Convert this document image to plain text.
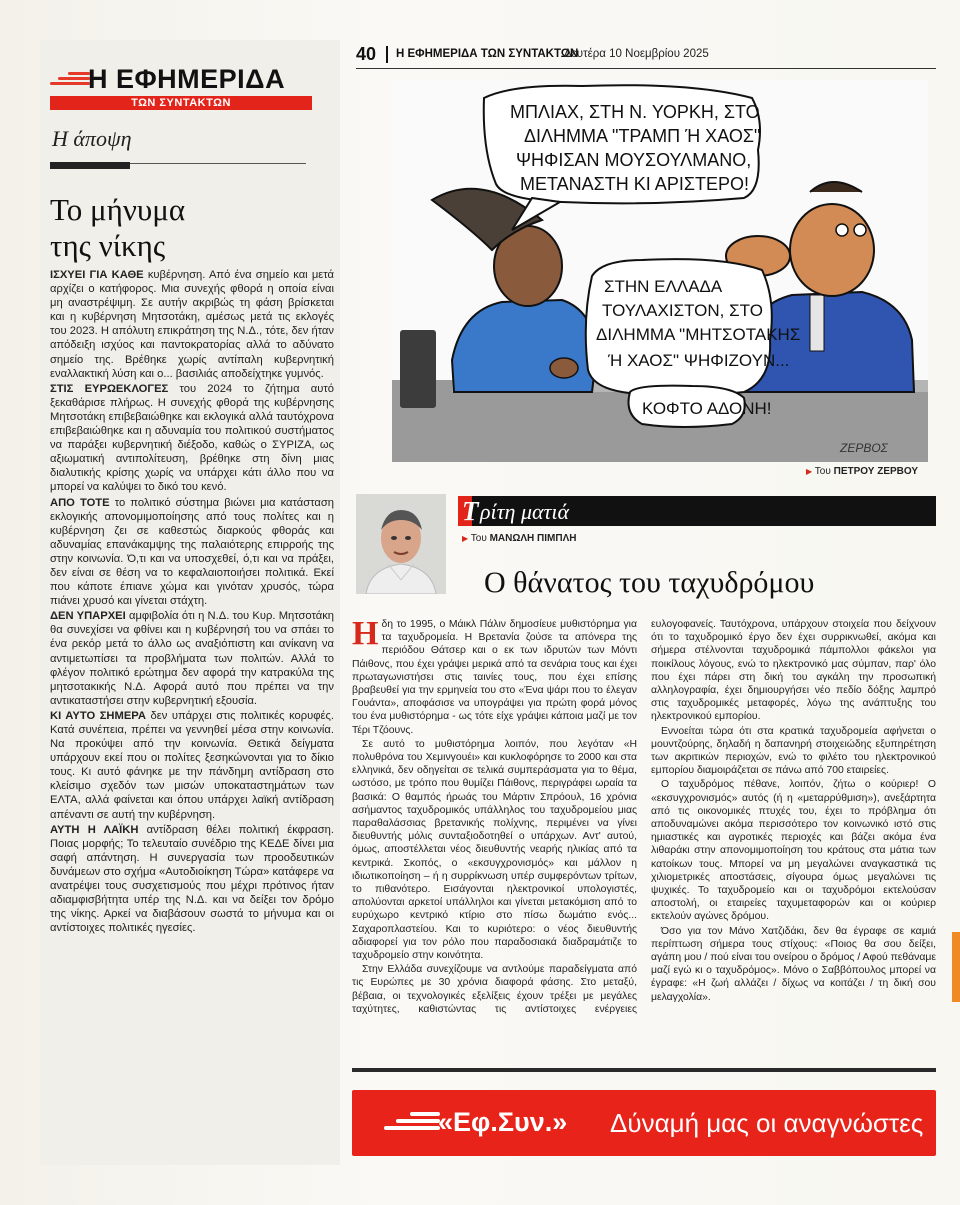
Η ΕΦΗΜΕΡΙΔΑ
ΤΩΝ ΣΥΝΤΑΚΤΩΝ
Η άποψη
Το μήνυμα
της νίκης

ΙΣΧΥΕΙ ΓΙΑ ΚΑΘΕ κυβέρνηση. Από ένα σημείο και μετά αρχίζει ο κατήφορος. Μια συνεχής φθορά η οποία είναι μη αναστρέψιμη. Σε αυτήν ακριβώς τη φάση βρίσκεται και η κυβέρνηση Μητσοτάκη, αμέσως μετά τις εκλογές του 2023. Η απόλυτη επικράτηση της Ν.Δ., τότε, δεν ήταν απόδειξη ισχύος και παντοκρατορίας αλλά το αδύνατο σημείο της. Βρέθηκε χωρίς αντίπαλη κυβερνητική εναλλακτική λύση και ο... βασιλιάς αποδείχτηκε γυμνός.

ΣΤΙΣ ΕΥΡΩΕΚΛΟΓΕΣ του 2024 το ζήτημα αυτό ξεκαθάρισε πλήρως. Η συνεχής φθορά της κυβέρνησης Μητσοτάκη επιβεβαιώθηκε και εκλογικά αλλά ταυτόχρονα επιβεβαιώθηκε και η αδυναμία του πολιτικού συστήματος να παράξει κυβερνητική διέξοδο, καθώς ο ΣΥΡΙΖΑ, ως αξιωματική αντιπολίτευση, βρέθηκε στη δίνη μιας διαλυτικής κρίσης χωρίς να υπάρχει κάτι άλλο που να μπορεί να καλύψει το δικό του κενό.

ΑΠΟ ΤΟΤΕ το πολιτικό σύστημα βιώνει μια κατάσταση εκλογικής απονομιμοποίησης από τους πολίτες και η κυβέρνηση ζει σε καθεστώς διαρκούς φθοράς και αδυναμίας επανάκαμψης της παλαιότερης επιρροής της στην κοινωνία. Ό,τι και να υποσχεθεί, ό,τι και να πράξει, δεν είναι σε θέση να το κεφαλαιοποιήσει πολιτικά. Εκεί που κάποτε έπιανε χώμα και γινόταν χρυσός, τώρα πιάνει χρυσό και γίνεται στάχτη.

ΔΕΝ ΥΠΑΡΧΕΙ αμφιβολία ότι η Ν.Δ. του Κυρ. Μητσοτάκη θα συνεχίσει να φθίνει και η κυβέρνησή του να σπάει το ένα ρεκόρ μετά το άλλο ως αναξιόπιστη και ανίκανη να αντιμετωπίσει τα προβλήματα των πολιτών. Αλλά το φλέγον πολιτικό ερώτημα δεν αφορά την κατρακύλα της μητσοτακικής Ν.Δ. Αφορά αυτό που πρέπει να την αντικαταστήσει στην κυβερνητική εξουσία.

ΚΙ ΑΥΤΟ ΣΗΜΕΡΑ δεν υπάρχει στις πολιτικές κορυφές. Κατά συνέπεια, πρέπει να γεννηθεί μέσα στην κοινωνία. Να προκύψει από την κοινωνία. Θετικά δείγματα υπάρχουν εκεί που οι πολίτες ξεσηκώνονται για το δίκιο τους. Κι αυτό φάνηκε με την πάνδημη αντίδραση στο κλείσιμο σχεδόν των μισών υποκαταστημάτων των ΕΛΤΑ, αλλά φαίνεται και όπου υπάρχει λαϊκή αντίδραση απέναντι σε αυτή την κυβέρνηση.

ΑΥΤΗ Η ΛΑΪΚΗ αντίδραση θέλει πολιτική έκφραση. Ποιας μορφής; Το τελευταίο συνέδριο της ΚΕΔΕ δίνει μια σαφή απάντηση. Η συνεργασία των προοδευτικών δυνάμεων στο σχήμα «Αυτοδιοίκηση Τώρα» κατάφερε να ανατρέψει τους συσχετισμούς που μέχρι πρότινος ήταν αδιαμφισβήτητα υπέρ της Ν.Δ. και να δείξει τον δρόμο της νίκης. Αρκεί να διαβάσουν σωστά το μήνυμα και οι αντίστοιχες πολιτικές ηγεσίες.

40 Η ΕΦΗΜΕΡΙΔΑ ΤΩΝ ΣΥΝΤΑΚΤΩΝ
Δευτέρα 10 Νοεμβρίου 2025
ΜΠΛΙΑΧ, ΣΤΗ Ν. ΥΟΡΚΗ, ΣΤΟ
ΔΙΛΗΜΜΑ "ΤΡΑΜΠ Ή ΧΑΟΣ"
ΨΗΦΙΣΑΝ ΜΟΥΣΟΥΛΜΑΝΟ,
ΜΕΤΑΝΑΣΤΗ ΚΙ ΑΡΙΣΤΕΡΟ!
ΣΤΗΝ ΕΛΛΑΔΑ
ΤΟΥΛΑΧΙΣΤΟΝ, ΣΤΟ
ΔΙΛΗΜΜΑ "ΜΗΤΣΟΤΑΚΗΣ
Ή ΧΑΟΣ" ΨΗΦΙΖΟΥΝ...
ΚΟΦΤΟ ΑΔΟΝΗ!
ΖΕΡΒΟΣ
▶ Του ΠΕΤΡΟΥ ΖΕΡΒΟΥ
Τ ρίτη ματιά
▶ Του ΜΑΝΩΛΗ ΠΙΜΠΛΗ
Ο θάνατος του ταχυδρόμου

Ηδη το 1995, ο Μάικλ Πάλιν δημοσίευε μυθιστόρημα για τα ταχυδρομεία. Η Βρετανία ζούσε τα απόνερα της περιόδου Θάτσερ και ο εκ των ιδρυτών των Μόντι Πάιθονς, που έχει γράψει μερικά από τα σενάρια τους και έχει πρωταγωνιστήσει στις ταινίες τους, που έχει επίσης βραβευθεί για την ερμηνεία του στο «Ένα ψάρι που το έλεγαν Γουάντα», αποφάσισε να υπογράψει για πρώτη φορά μόνος του ένα μυθιστόρημα - ως τότε είχε γράψει κάποια μαζί με τον Τέρι Τζόουνς.

Σε αυτό το μυθιστόρημα λοιπόν, που λεγόταν «Η πολυθρόνα του Χεμινγουέι» και κυκλοφόρησε το 2000 και στα ελληνικά, δεν οδηγείται σε τελικά συμπεράσματα για το θέμα, ωστόσο, με τρόπο που θυμίζει Πάιθονς, περιγράφει ωραία τα βασικά: Ο θαμπός ήρωάς του Μάρτιν Σπρόουλ, 16 χρόνια ασήμαντος ταχυδρομικός υπάλληλος του ταχυδρομείου μιας παραθαλάσσιας βρετανικής πολίχνης, περιμένει να γίνει διευθυντής μόλις συνταξιοδοτηθεί ο υπάρχων. Αντ' αυτού, όμως, αποστέλλεται νέος διευθυντής νεαρής ηλικίας από τα κεντρικά. Σκοπός, ο «εκσυγχρονισμός» και μάλλον η ιδιωτικοποίηση – ή η συρρίκνωση υπέρ συμφερόντων τρίτων, το πιθανότερο. Εισάγονται ηλεκτρονικοί υπολογιστές, απολύονται αρκετοί υπάλληλοι και γίνεται μετακόμιση από το ευρύχωρο κεντρικό κτίριο στο πίσω δωμάτιο ενός... Σαχαροπλαστείου. Και το κυριότερο: ο νέος διευθυντής αδιαφορεί για τον ρόλο που παραδοσιακά διαδραμάτιζε το ταχυδρομείο στην κοινότητα.

Στην Ελλάδα συνεχίζουμε να αντλούμε παραδείγματα από τις Ευρώπες με 30 χρόνια διαφορά φάσης. Στο μεταξύ, βέβαια, οι τεχνολογικές εξελίξεις έχουν τρέξει με μεγάλες ταχύτητες, καθιστώντας τις αντίστοιχες ενέργειες ευλογοφανείς. Ταυτόχρονα, υπάρχουν στοιχεία που δείχνουν ότι το ταχυδρομικό έργο δεν έχει συρρικνωθεί, ακόμα και σήμερα στέλνονται ταχυδρομικά πάμπολλοι φάκελοι για ποικίλους λόγους, ενώ το ηλεκτρονικό μας σύμπαν, παρ' όλο που έχει πάρει στη δική του αγκάλη την προσωπική αλληλογραφία, έχει δημιουργήσει νέο πεδίο δόξης λαμπρό στις ταχυδρομικές μεταφορές, λόγω της ανάπτυξης του ηλεκτρονικού εμπορίου.

Εννοείται τώρα ότι στα κρατικά ταχυδρομεία αφήνεται ο μουντζούρης, δηλαδή η δαπανηρή στοιχειώδης εξυπηρέτηση των ακριτικών περιοχών, ενώ το φιλέτο του ηλεκτρονικού εμπορίου διαμοιράζεται σε πάνω από 700 εταιρείες.

Ο ταχυδρόμος πέθανε, λοιπόν, ζήτω ο κούριερ! Ο «εκσυγχρονισμός» αυτός (ή η «μεταρρύθμιση»), ανεξάρτητα από τις οικονομικές πτυχές του, έχει το πρόβλημα ότι αποδυναμώνει ακόμα περισσότερο τον κοινωνικό ιστό στις ημιαστικές και αγροτικές περιοχές και βάζει ακόμα ένα λιθαράκι στην απονομιμοποίηση του κράτους στα μάτια των κατοίκων τους. Μπορεί να μη μεγαλώνει αναγκαστικά τις χιλιομετρικές αποστάσεις, σίγουρα όμως μεγαλώνει τις ψυχικές. Το ταχυδρομείο και οι ταχυδρόμοι εκτελούσαν αποστολή, οι εταιρείες ταχυμεταφορών και οι κούριερ εκτελούν αγώνες δρόμου.

Όσο για τον Μάνο Χατζιδάκι, δεν θα έγραφε σε καμιά περίπτωση σήμερα τους στίχους: «Ποιος θα σου δείξει, αγάπη μου / πού είναι του ονείρου ο δρόμος / Αφού πεθάναμε μαζί εγώ κι ο ταχυδρόμος». Μόνο ο Σαββόπουλος μπορεί να έγραφε: «Η ζωή αλλάζει / δίχως να κοιτάζει / τη δική σου μελαγχολία».

«Εφ.Συν.» Δύναμή μας οι αναγνώστες
